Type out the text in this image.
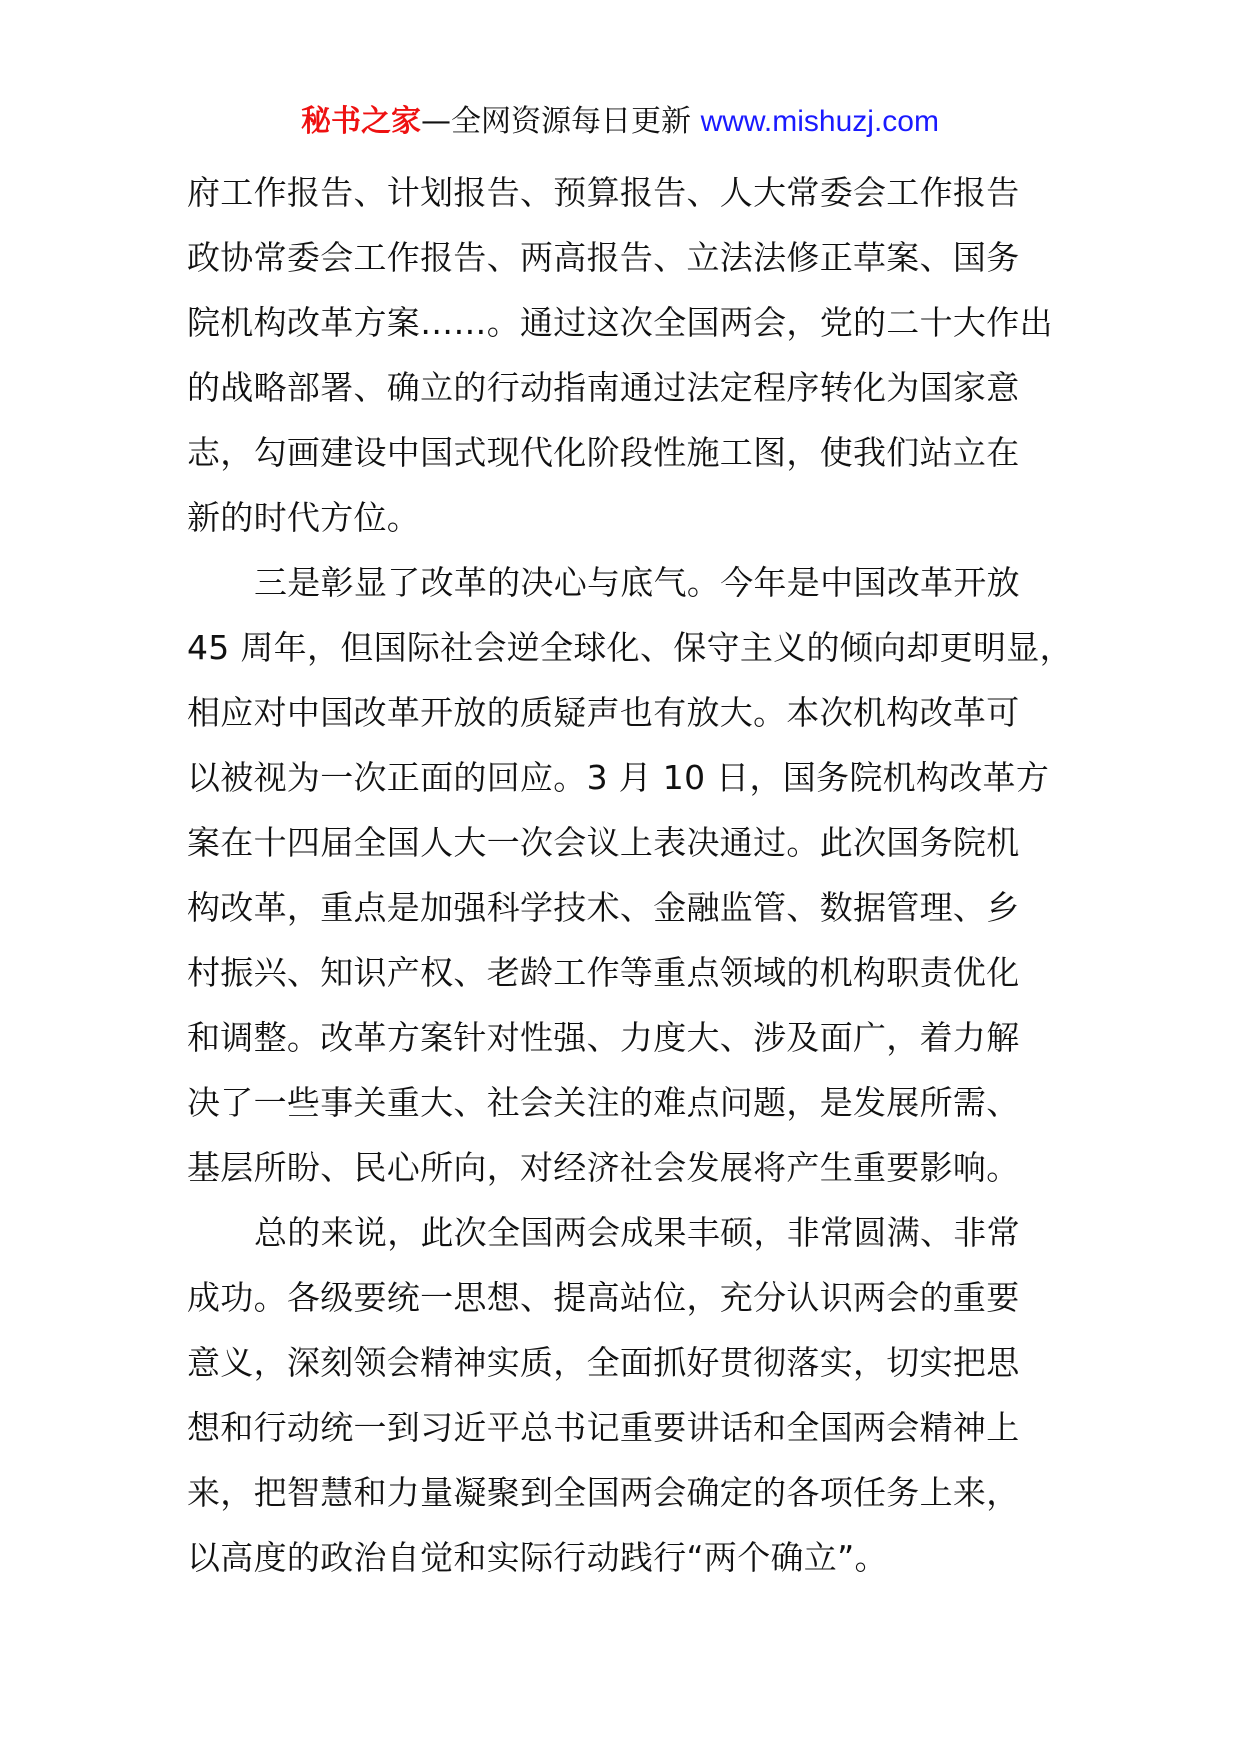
秘书之家—全网资源每日更新 www.mishuzj.com
府工作报告、计划报告、预算报告、人大常委会工作报告
政协常委会工作报告、两高报告、立法法修正草案、国务
院机构改革方案……。通过这次全国两会，党的二十大作出
的战略部署、确立的行动指南通过法定程序转化为国家意
志，勾画建设中国式现代化阶段性施工图，使我们站立在
新的时代方位。
三是彰显了改革的决心与底气。今年是中国改革开放
45 周年，但国际社会逆全球化、保守主义的倾向却更明显，
相应对中国改革开放的质疑声也有放大。本次机构改革可
以被视为一次正面的回应。3 月 10 日，国务院机构改革方
案在十四届全国人大一次会议上表决通过。此次国务院机
构改革，重点是加强科学技术、金融监管、数据管理、乡
村振兴、知识产权、老龄工作等重点领域的机构职责优化
和调整。改革方案针对性强、力度大、涉及面广，着力解
决了一些事关重大、社会关注的难点问题，是发展所需、
基层所盼、民心所向，对经济社会发展将产生重要影响。
总的来说，此次全国两会成果丰硕，非常圆满、非常
成功。各级要统一思想、提高站位，充分认识两会的重要
意义，深刻领会精神实质，全面抓好贯彻落实，切实把思
想和行动统一到习近平总书记重要讲话和全国两会精神上
来，把智慧和力量凝聚到全国两会确定的各项任务上来，
以高度的政治自觉和实际行动践行“两个确立”。
